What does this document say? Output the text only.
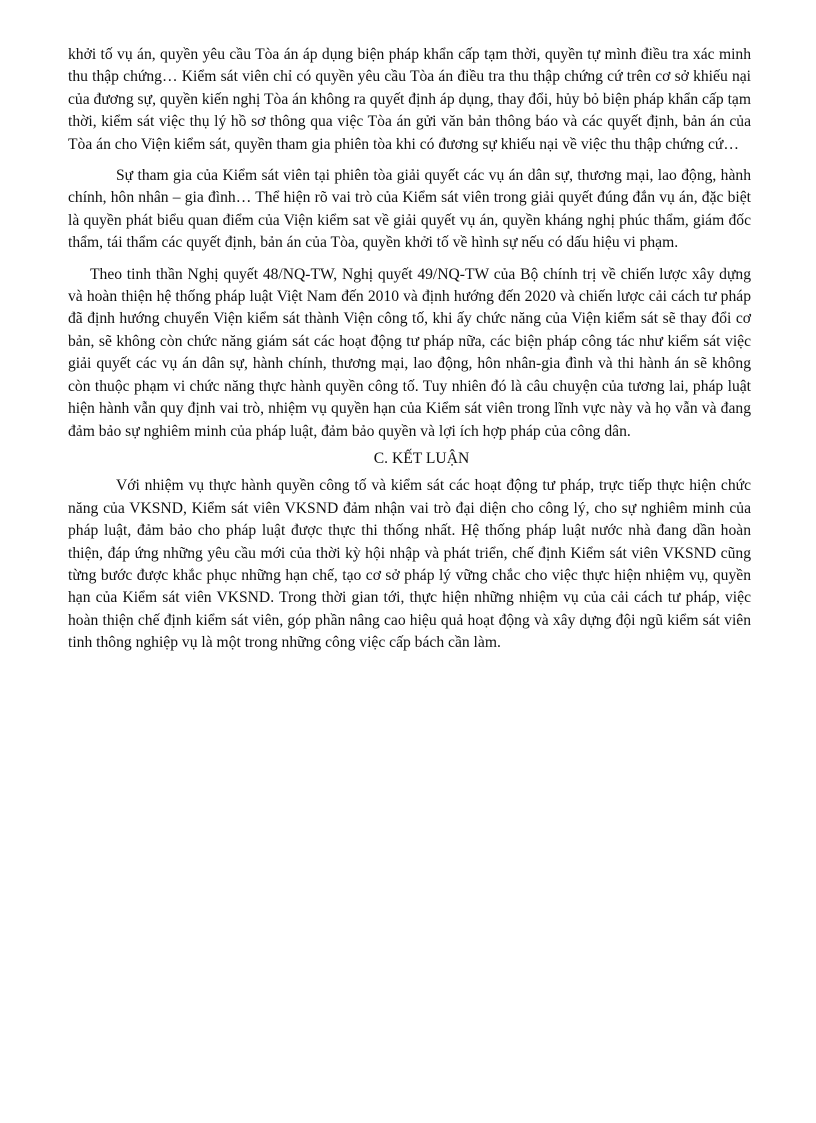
khởi tố vụ án, quyền yêu cầu Tòa án áp dụng biện pháp khẩn cấp tạm thời, quyền tự mình điều tra xác minh thu thập chứng… Kiểm sát viên chỉ có quyền yêu cầu Tòa án điều tra thu thập chứng cứ trên cơ sở khiếu nại của đương sự, quyền kiến nghị Tòa án không ra quyết định áp dụng, thay đổi, hủy bỏ biện pháp khẩn cấp tạm thời, kiểm sát việc thụ lý hồ sơ thông qua việc Tòa án gửi văn bản thông báo và các quyết định, bản án của Tòa án cho Viện kiểm sát, quyền tham gia phiên tòa khi có đương sự khiếu nại về việc thu thập chứng cứ…

Sự tham gia của Kiểm sát viên tại phiên tòa giải quyết các vụ án dân sự, thương mại, lao động, hành chính, hôn nhân – gia đình… Thể hiện rõ vai trò của Kiểm sát viên trong giải quyết đúng đắn vụ án, đặc biệt là quyền phát biểu quan điểm của Viện kiểm sat về giải quyết vụ án, quyền kháng nghị phúc thẩm, giám đốc thẩm, tái thẩm các quyết định, bản án của Tòa, quyền khởi tố về hình sự nếu có dấu hiệu vi phạm.

Theo tinh thần Nghị quyết 48/NQ-TW, Nghị quyết 49/NQ-TW của Bộ chính trị về chiến lược xây dựng và hoàn thiện hệ thống pháp luật Việt Nam đến 2010 và định hướng đến 2020 và chiến lược cải cách tư pháp đã định hướng chuyển Viện kiểm sát thành Viện công tố, khi ấy chức năng của Viện kiểm sát sẽ thay đổi cơ bản, sẽ không còn chức năng giám sát các hoạt động tư pháp nữa, các biện pháp công tác như kiểm sát việc giải quyết các vụ án dân sự, hành chính, thương mại, lao động, hôn nhân-gia đình và thi hành án sẽ không còn thuộc phạm vi chức năng thực hành quyền công tố. Tuy nhiên đó là câu chuyện của tương lai, pháp luật hiện hành vẫn quy định vai trò, nhiệm vụ quyền hạn của Kiểm sát viên trong lĩnh vực này và họ vẫn và đang đảm bảo sự nghiêm minh của pháp luật, đảm bảo quyền và lợi ích hợp pháp của công dân.

C. KẾT LUẬN

Với nhiệm vụ thực hành quyền công tố và kiểm sát các hoạt động tư pháp, trực tiếp thực hiện chức năng của VKSND, Kiểm sát viên VKSND đảm nhận vai trò đại diện cho công lý, cho sự nghiêm minh của pháp luật, đảm bảo cho pháp luật được thực thi thống nhất. Hệ thống pháp luật nước nhà đang dần hoàn thiện, đáp ứng những yêu cầu mới của thời kỳ hội nhập và phát triển, chế định Kiểm sát viên VKSND cũng từng bước được khắc phục những hạn chế, tạo cơ sở pháp lý vững chắc cho việc thực hiện nhiệm vụ, quyền hạn của Kiểm sát viên VKSND. Trong thời gian tới, thực hiện những nhiệm vụ của cải cách tư pháp, việc hoàn thiện chế định kiểm sát viên, góp phần nâng cao hiệu quả hoạt động và xây dựng đội ngũ kiểm sát viên tinh thông nghiệp vụ là một trong những công việc cấp bách cần làm.
